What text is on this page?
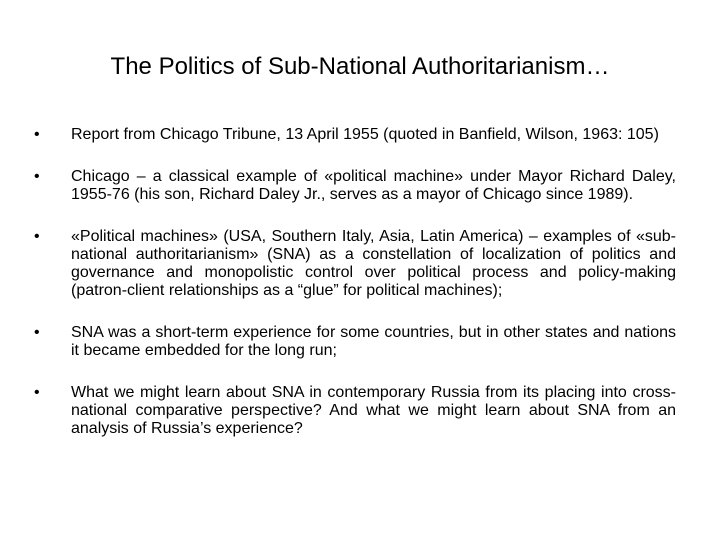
The Politics of Sub-National Authoritarianism…
•	Report from Chicago Tribune, 13 April 1955 (quoted in Banfield, Wilson, 1963: 105)
•	Chicago – a classical example of «political machine» under Mayor Richard Daley, 1955-76 (his son, Richard Daley Jr., serves as a mayor of Chicago since 1989).
•	«Political machines» (USA, Southern Italy, Asia, Latin America) – examples of «sub-national authoritarianism» (SNA) as a constellation of localization of politics and governance and monopolistic control over political process and policy-making (patron-client relationships as a “glue” for political machines);
•	SNA was a short-term experience for some countries, but in other states and nations it became embedded for the long run;
•	What we might learn about SNA in contemporary Russia from its placing into cross-national comparative perspective? And what we might learn about SNA from an analysis of Russia’s experience?
